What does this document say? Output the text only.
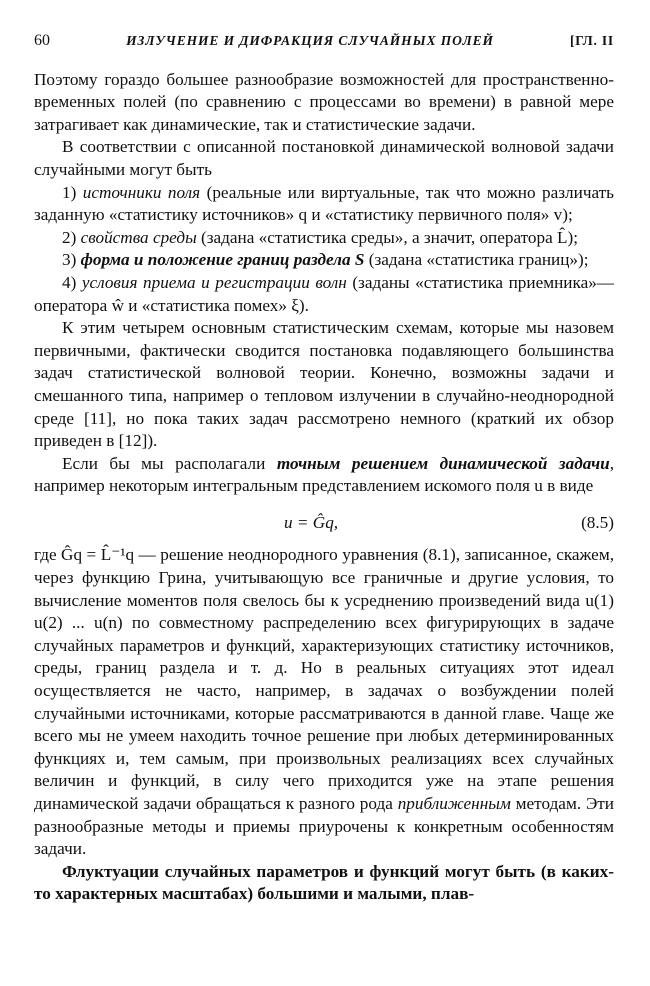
60	ИЗЛУЧЕНИЕ И ДИФРАКЦИЯ СЛУЧАЙНЫХ ПОЛЕЙ	[ГЛ. II

Поэтому гораздо большее разнообразие возможностей для пространственно-временных полей (по сравнению с процессами во времени) в равной мере затрагивает как динамические, так и статистические задачи.

В соответствии с описанной постановкой динамической волновой задачи случайными могут быть

1) источники поля (реальные или виртуальные, так что можно различать заданную «статистику источников» q и «статистику первичного поля» v);

2) свойства среды (задана «статистика среды», а значит, оператора L̂);

3) форма и положение границ раздела S (задана «статистика границ»);

4) условия приема и регистрации волн (заданы «статистика приемника»—оператора ŵ и «статистика помех» ξ).

К этим четырем основным статистическим схемам, которые мы назовем первичными, фактически сводится постановка подавляющего большинства задач статистической волновой теории. Конечно, возможны задачи и смешанного типа, например о тепловом излучении в случайно-неоднородной среде [11], но пока таких задач рассмотрено немного (краткий их обзор приведен в [12]).

Если бы мы располагали точным решением динамической задачи, например некоторым интегральным представлением искомого поля u в виде

u = Ĝq,	(8.5)

где Ĝq = L̂⁻¹q — решение неоднородного уравнения (8.1), записанное, скажем, через функцию Грина, учитывающую все граничные и другие условия, то вычисление моментов поля свелось бы к усреднению произведений вида u(1) u(2) ... u(n) по совместному распределению всех фигурирующих в задаче случайных параметров и функций, характеризующих статистику источников, среды, границ раздела и т. д. Но в реальных ситуациях этот идеал осуществляется не часто, например, в задачах о возбуждении полей случайными источниками, которые рассматриваются в данной главе. Чаще же всего мы не умеем находить точное решение при любых детерминированных функциях и, тем самым, при произвольных реализациях всех случайных величин и функций, в силу чего приходится уже на этапе решения динамической задачи обращаться к разного рода приближенным методам. Эти разнообразные методы и приемы приурочены к конкретным особенностям задачи.

Флуктуации случайных параметров и функций могут быть (в каких-то характерных масштабах) большими и малыми, плав-
